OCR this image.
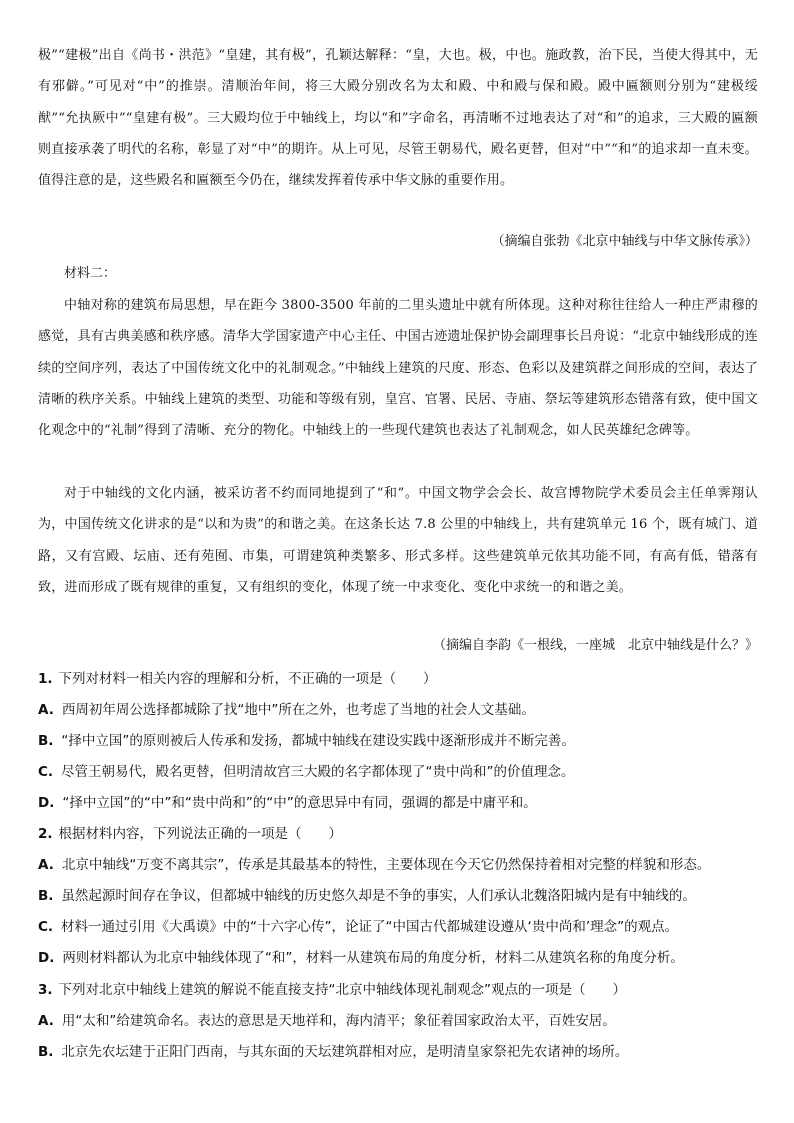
极”“建极”出自《尚书・洪范》“皇建，其有极”，孔颖达解释：“皇，大也。极，中也。施政教，治下民，当使大得其中，无有邪僻。”可见对“中”的推崇。清顺治年间，将三大殿分别改名为太和殿、中和殿与保和殿。殿中匾额则分别为“建极绥猷”“允执厥中”“皇建有极”。三大殿均位于中轴线上，均以“和”字命名，再清晰不过地表达了对“和”的追求，三大殿的匾额则直接承袭了明代的名称，彰显了对“中”的期许。从上可见，尽管王朝易代，殿名更替，但对“中”“和”的追求却一直未变。值得注意的是，这些殿名和匾额至今仍在，继续发挥着传承中华文脉的重要作用。

（摘编自张勃《北京中轴线与中华文脉传承》）

材料二：

中轴对称的建筑布局思想，早在距今 3800-3500 年前的二里头遗址中就有所体现。这种对称往往给人一种庄严肃穆的感觉，具有古典美感和秩序感。清华大学国家遗产中心主任、中国古迹遗址保护协会副理事长吕舟说：“北京中轴线形成的连续的空间序列，表达了中国传统文化中的礼制观念。”中轴线上建筑的尺度、形态、色彩以及建筑群之间形成的空间，表达了清晰的秩序关系。中轴线上建筑的类型、功能和等级有别，皇宫、官署、民居、寺庙、祭坛等建筑形态错落有致，使中国文化观念中的“礼制”得到了清晰、充分的物化。中轴线上的一些现代建筑也表达了礼制观念，如人民英雄纪念碑等。

对于中轴线的文化内涵，被采访者不约而同地提到了“和”。中国文物学会会长、故宫博物院学术委员会主任单霁翔认为，中国传统文化讲求的是“以和为贵”的和谐之美。在这条长达 7.8 公里的中轴线上，共有建筑单元 16 个，既有城门、道路，又有宫殿、坛庙、还有苑囿、市集，可谓建筑种类繁多、形式多样。这些建筑单元依其功能不同，有高有低，错落有致，进而形成了既有规律的重复，又有组织的变化，体现了统一中求变化、变化中求统一的和谐之美。

（摘编自李韵《一根线，一座城　北京中轴线是什么？》

1. 下列对材料一相关内容的理解和分析，不正确的一项是（　　）

A. 西周初年周公选择都城除了找“地中”所在之外，也考虑了当地的社会人文基础。

B. “择中立国”的原则被后人传承和发扬，都城中轴线在建设实践中逐渐形成并不断完善。

C. 尽管王朝易代，殿名更替，但明清故宫三大殿的名字都体现了“贵中尚和”的价值理念。

D. “择中立国”的“中”和“贵中尚和”的“中”的意思异中有同，强调的都是中庸平和。

2. 根据材料内容，下列说法正确的一项是（　　）

A. 北京中轴线“万变不离其宗”，传承是其最基本的特性，主要体现在今天它仍然保持着相对完整的样貌和形态。

B. 虽然起源时间存在争议，但都城中轴线的历史悠久却是不争的事实，人们承认北魏洛阳城内是有中轴线的。

C. 材料一通过引用《大禹谟》中的“十六字心传”，论证了“中国古代都城建设遵从‘贵中尚和’理念”的观点。

D. 两则材料都认为北京中轴线体现了“和”，材料一从建筑布局的角度分析，材料二从建筑名称的角度分析。

3. 下列对北京中轴线上建筑的解说不能直接支持“北京中轴线体现礼制观念”观点的一项是（　　）

A. 用“太和”给建筑命名。表达的意思是天地祥和，海内清平；象征着国家政治太平，百姓安居。

B. 北京先农坛建于正阳门西南，与其东面的天坛建筑群相对应，是明清皇家祭祀先农诸神的场所。
